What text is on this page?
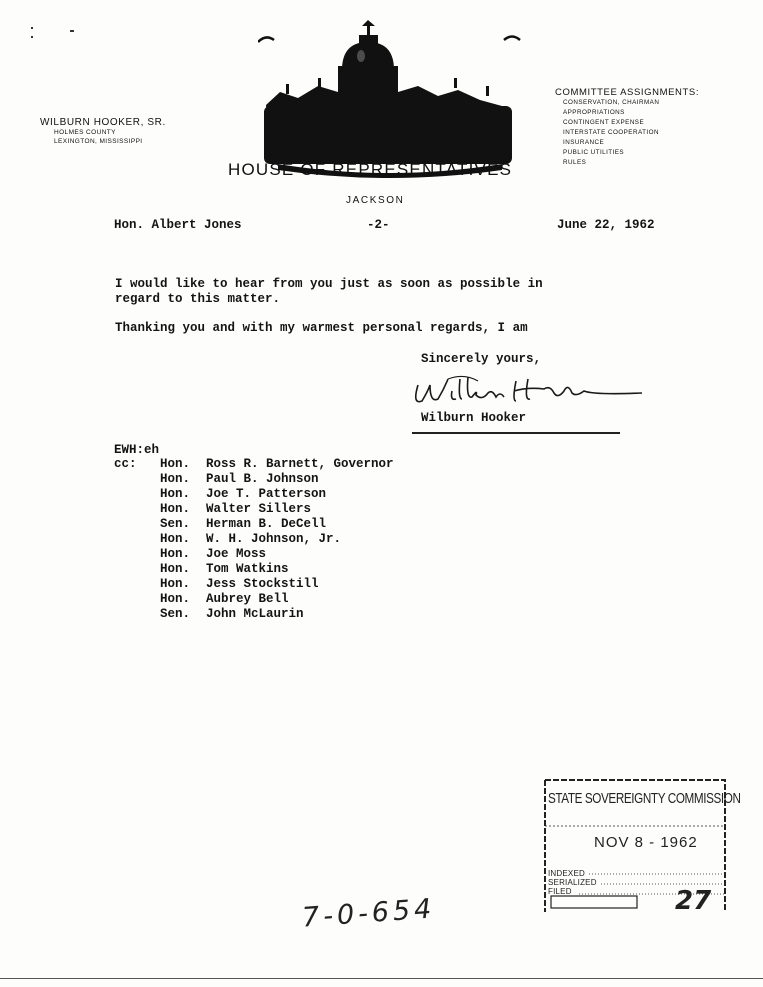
WILBURN HOOKER, SR.
HOLMES COUNTY
LEXINGTON, MISSISSIPPI
HOUSE OF REPRESENTATIVES
JACKSON
COMMITTEE ASSIGNMENTS:
CONSERVATION, CHAIRMAN
APPROPRIATIONS
CONTINGENT EXPENSE
INTERSTATE COOPERATION
INSURANCE
PUBLIC UTILITIES
RULES
Hon. Albert Jones	-2-	June 22, 1962
I would like to hear from you just as soon as possible in
regard to this matter.
Thanking you and with my warmest personal regards, I am
Sincerely yours,
Wilburn Hooker
EWH:eh
cc:	Hon.	Ross R. Barnett, Governor
Hon.	Paul B. Johnson
Hon.	Joe T. Patterson
Hon.	Walter Sillers
Sen.	Herman B. DeCell
Hon.	W. H. Johnson, Jr.
Hon.	Joe Moss
Hon.	Tom Watkins
Hon.	Jess Stockstill
Hon.	Aubrey Bell
Sen.	John McLaurin
STATE SOVEREIGNTY COMMISSION
NOV 8 - 1962
INDEXED
SERIALIZED
FILED	27
7-0-654
